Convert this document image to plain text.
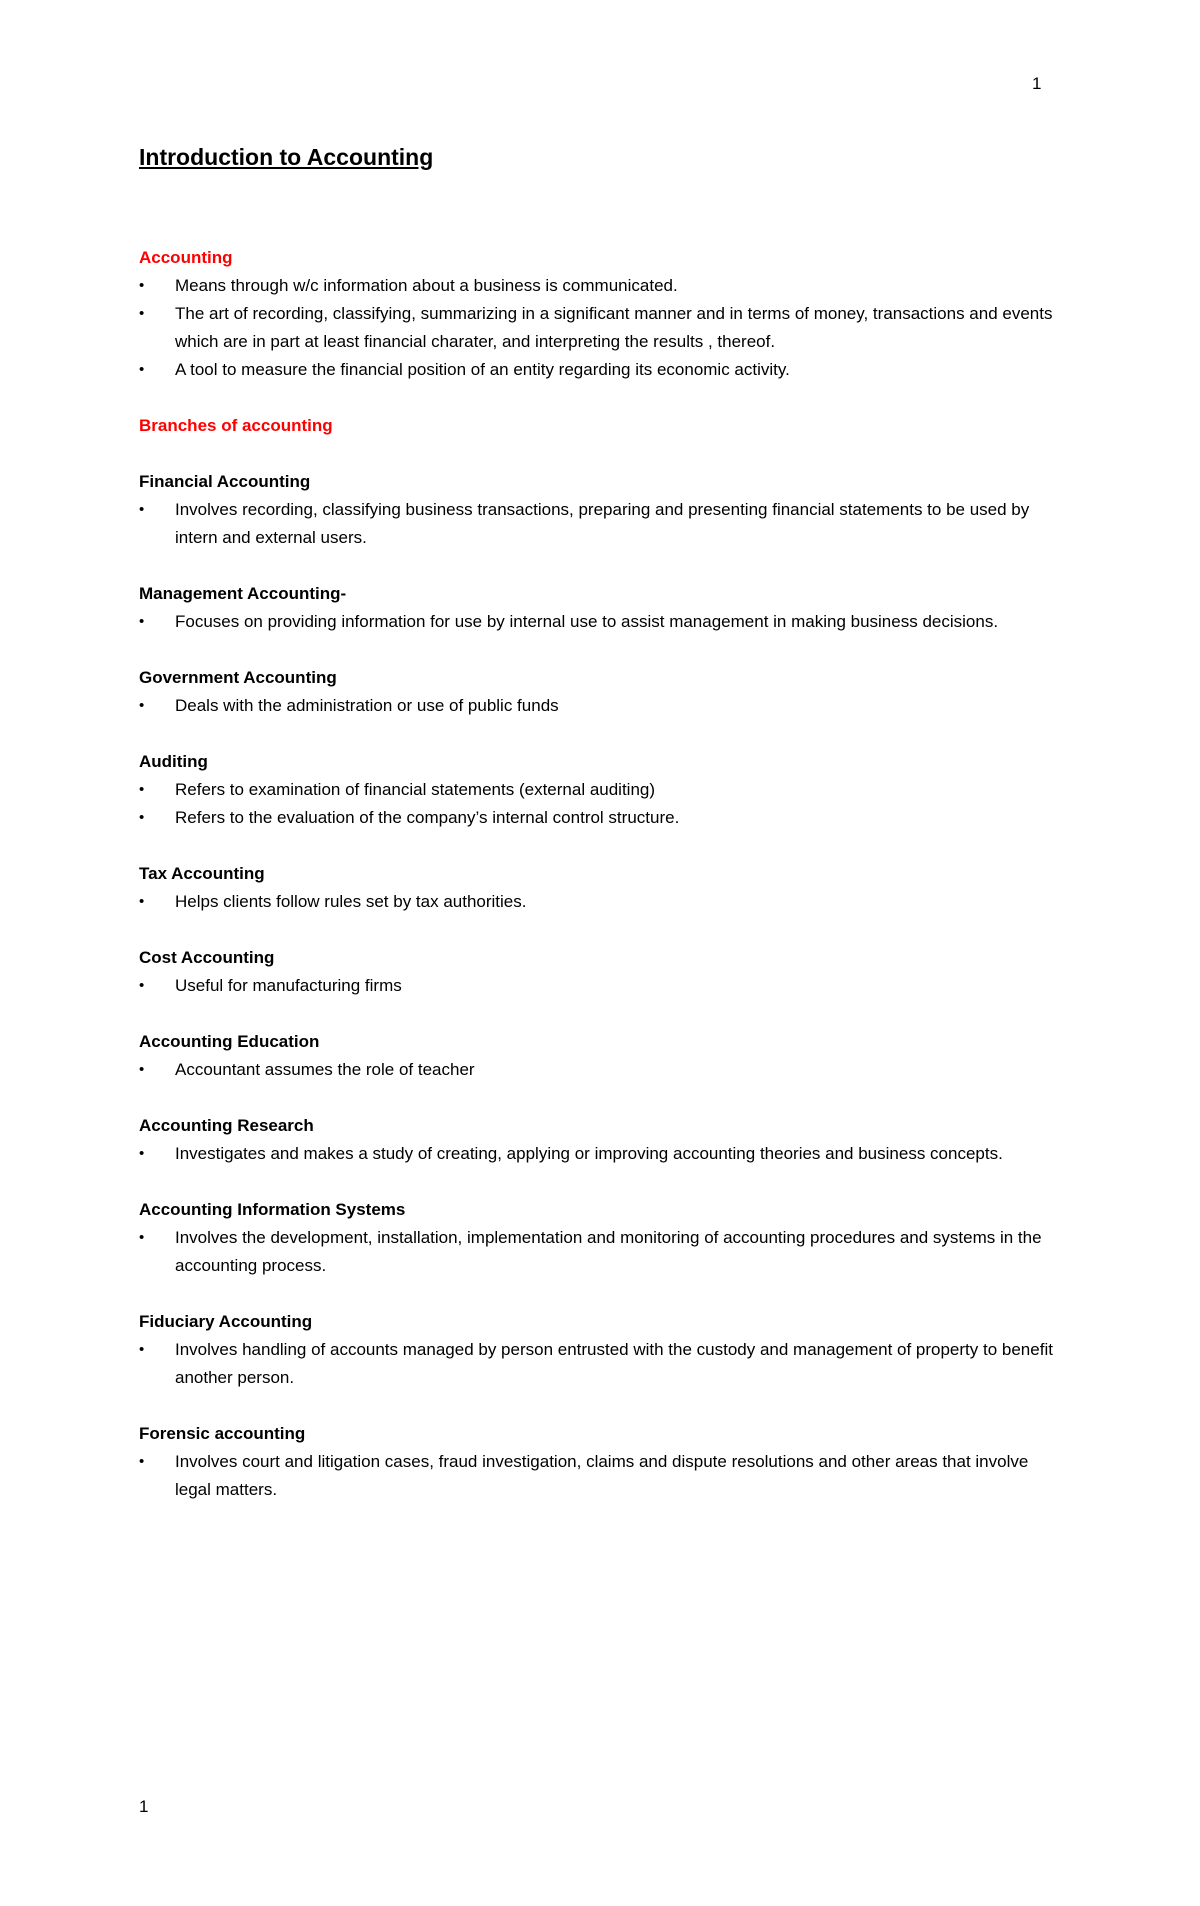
1
Introduction to Accounting
Accounting
•	Means through w/c information about a business is communicated.
•	The art of recording, classifying, summarizing in a significant manner and in terms of money, transactions and events which are in part at least financial charater, and interpreting the results , thereof.
•	A tool to measure the financial position of an entity regarding its economic activity.
Branches of accounting
Financial Accounting
•	Involves recording, classifying business transactions, preparing and presenting financial statements to be used by intern and external users.
Management Accounting-
•	Focuses on providing information for use by internal use to assist management in making business decisions.
Government Accounting
•	Deals with the administration or use of public funds
Auditing
•	Refers to examination of financial statements (external auditing)
•	Refers to the evaluation of the company’s internal control structure.
Tax Accounting
•	Helps clients follow rules set by tax authorities.
Cost Accounting
•	Useful for manufacturing firms
Accounting Education
•	Accountant assumes the role of teacher
Accounting Research
•	Investigates and makes a study of creating, applying or improving accounting theories and business concepts.
Accounting Information Systems
•	Involves the development, installation, implementation and monitoring of accounting procedures and systems in the accounting process.
Fiduciary Accounting
•	Involves handling of accounts managed by person entrusted with the custody and management of property to benefit another person.
Forensic accounting
•	Involves court and litigation cases, fraud investigation, claims and dispute resolutions and other areas that involve legal matters.
1
